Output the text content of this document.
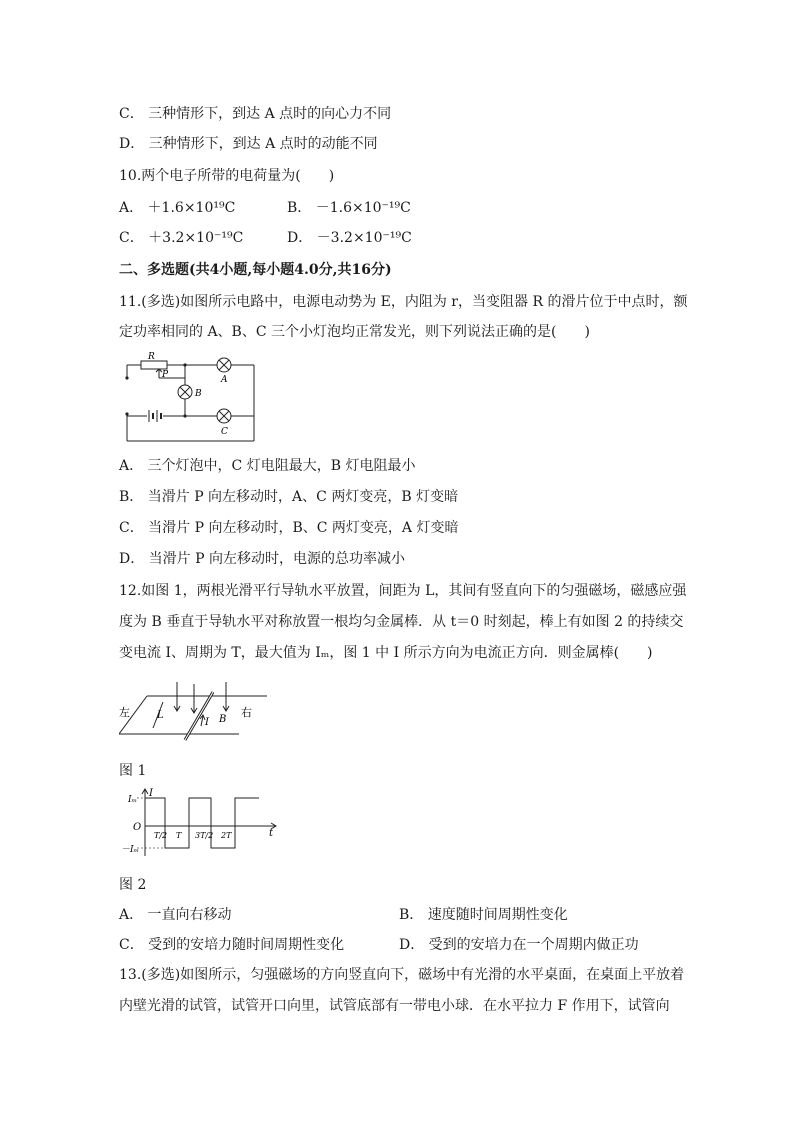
C． 三种情形下，到达 A 点时的向心力不同
D． 三种情形下，到达 A 点时的动能不同
10.两个电子所带的电荷量为(　　)
A． ＋1.6×10¹⁹C	B． －1.6×10⁻¹⁹C
C． ＋3.2×10⁻¹⁹C	D． －3.2×10⁻¹⁹C
二、多选题(共4小题,每小题4.0分,共16分)
11.(多选)如图所示电路中，电源电动势为 E，内阻为 r，当变阻器 R 的滑片位于中点时，额
定功率相同的 A、B、C 三个小灯泡均正常发光，则下列说法正确的是(　　)
R
P	A
B
C
A． 三个灯泡中，C 灯电阻最大，B 灯电阻最小
B． 当滑片 P 向左移动时，A、C 两灯变亮，B 灯变暗
C． 当滑片 P 向左移动时，B、C 两灯变亮，A 灯变暗
D． 当滑片 P 向左移动时，电源的总功率减小
12.如图 1，两根光滑平行导轨水平放置，间距为 L，其间有竖直向下的匀强磁场，磁感应强
度为 B 垂直于导轨水平对称放置一根均匀金属棒．从 t＝0 时刻起，棒上有如图 2 的持续交
变电流 I、周期为 T，最大值为 Iₘ，图 1 中 I 所示方向为电流正方向．则金属棒(　　)
左	右
L
I B
图 1
Iₘ
－Iₘ
O
I
t
T/2 T 3T/2 2T
图 2
A． 一直向右移动	B． 速度随时间周期性变化
C． 受到的安培力随时间周期性变化	D． 受到的安培力在一个周期内做正功
13.(多选)如图所示，匀强磁场的方向竖直向下，磁场中有光滑的水平桌面，在桌面上平放着
内壁光滑的试管，试管开口向里，试管底部有一带电小球．在水平拉力 F 作用下，试管向
